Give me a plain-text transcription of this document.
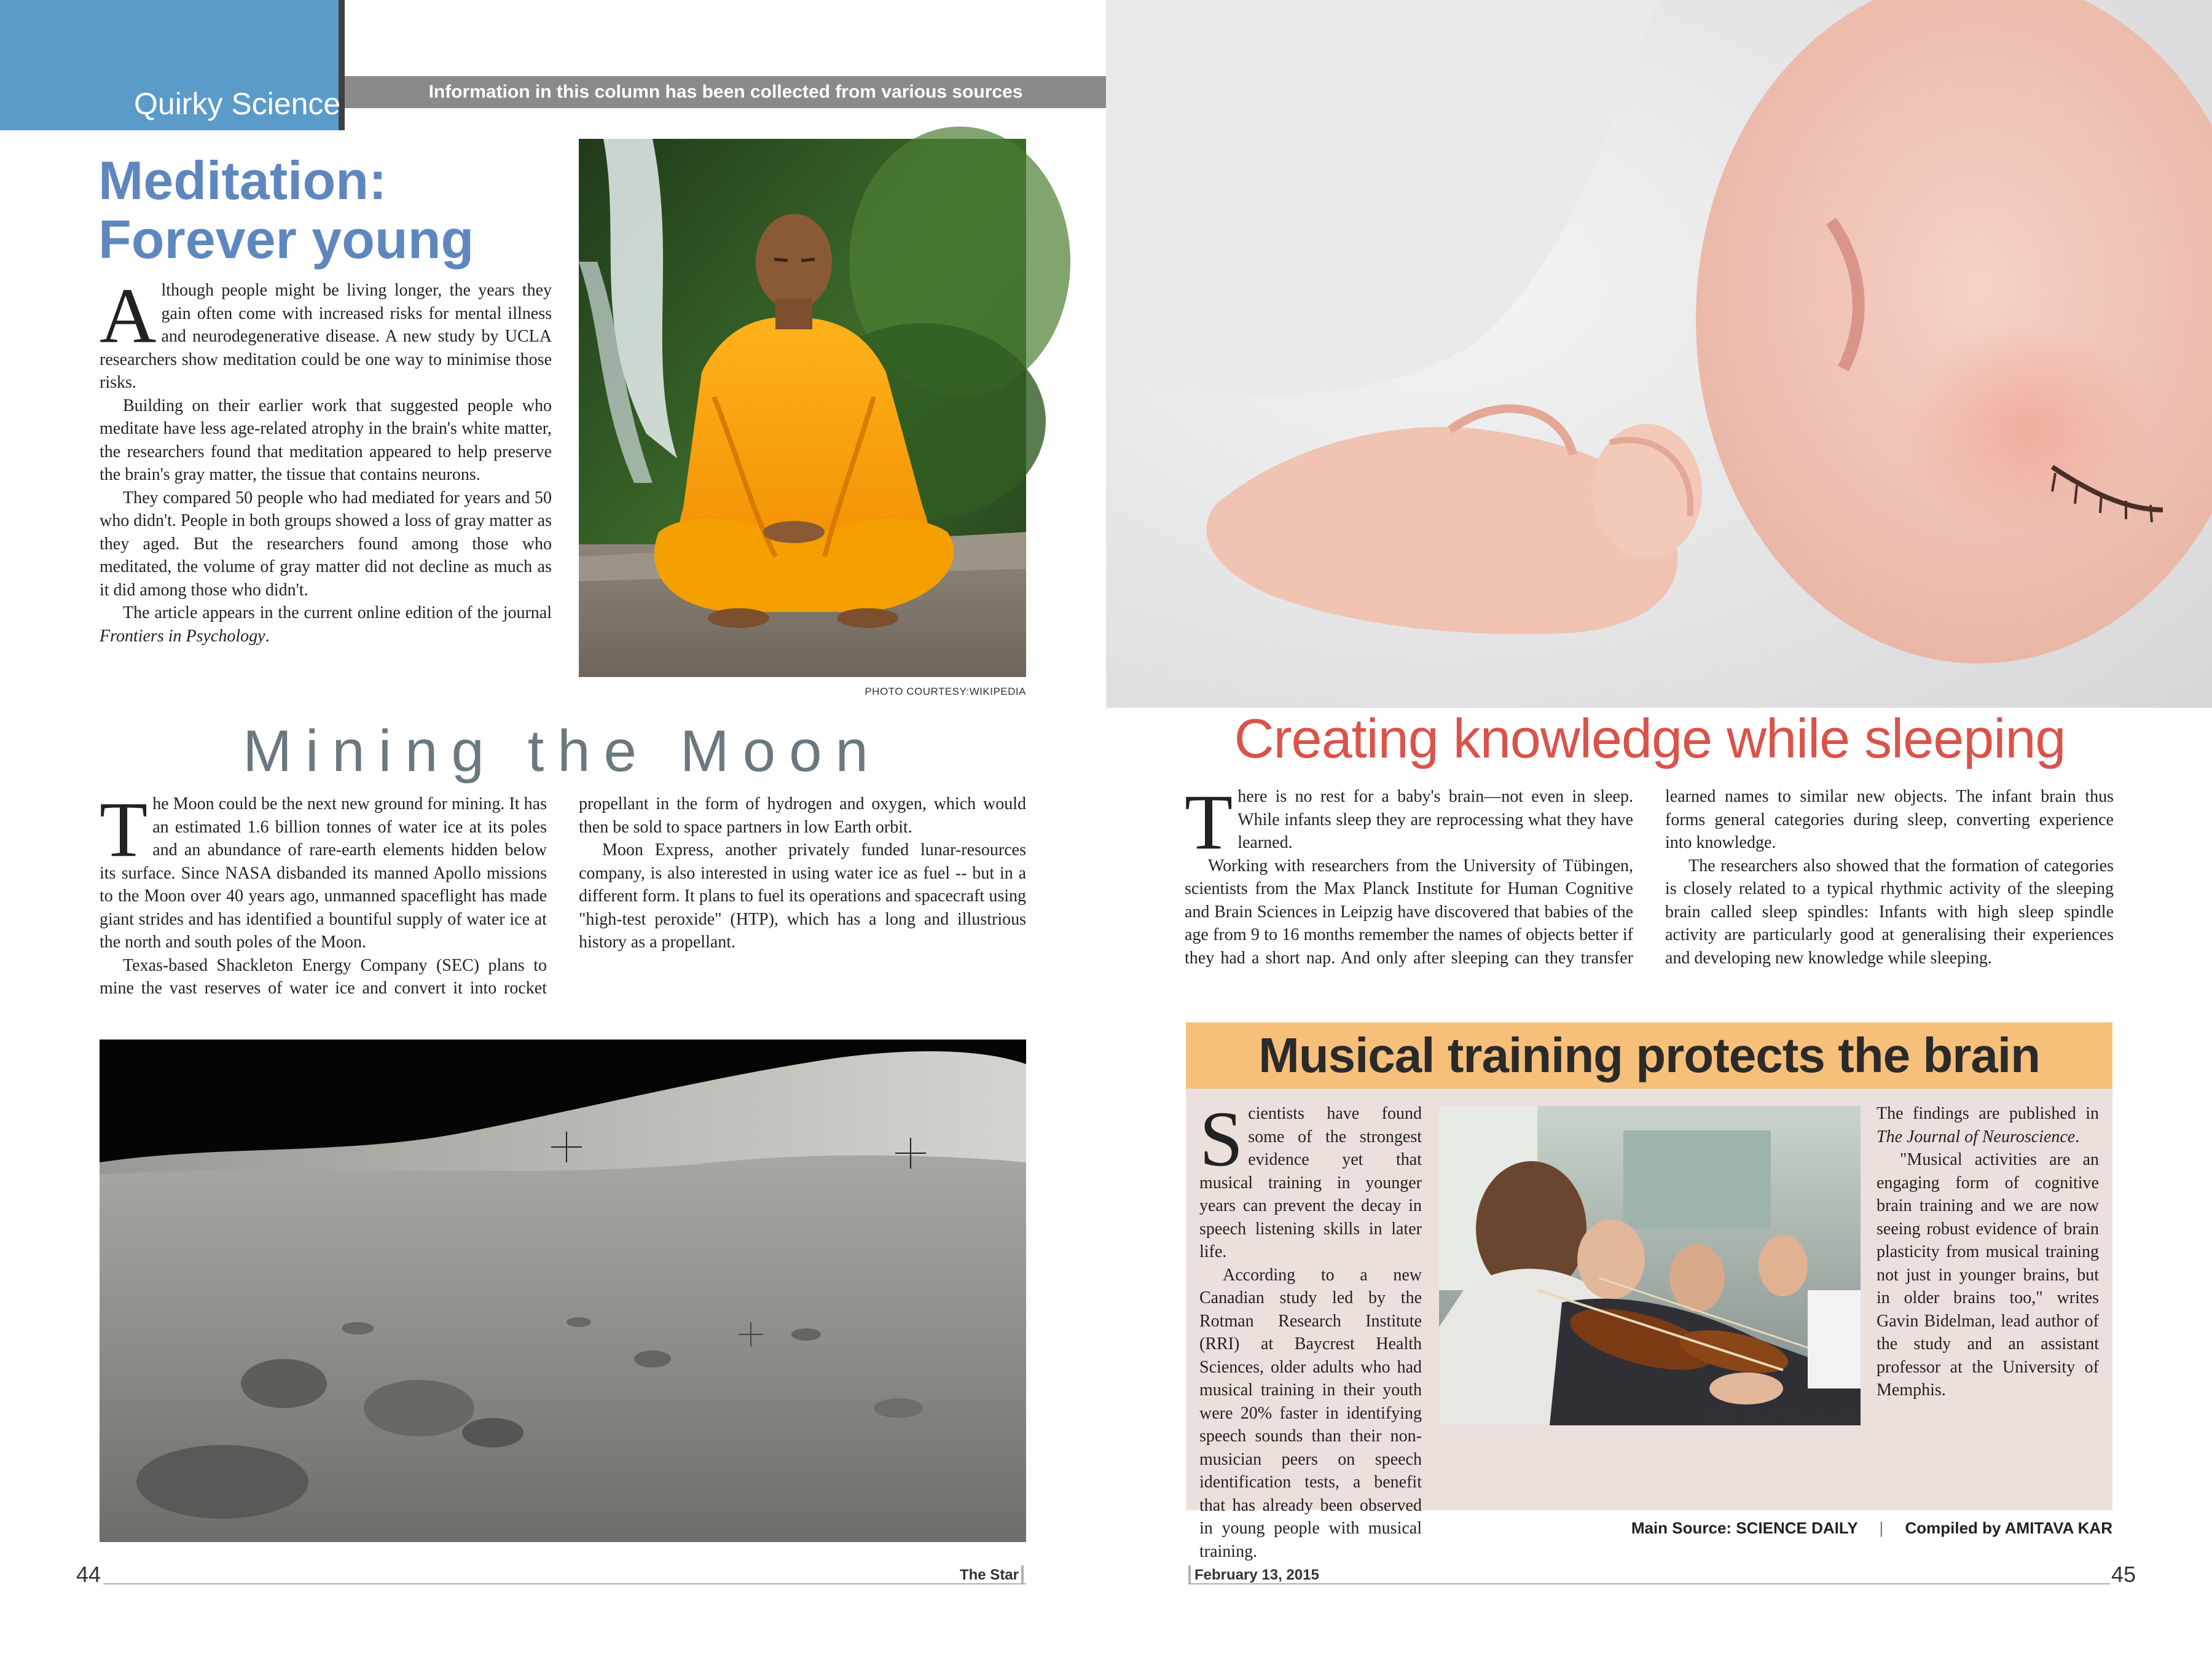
Quirky Science	Information in this column has been collected from various sources
Meditation:
Forever young

Although people might be living longer, the years they gain often come with increased risks for mental illness and neurodegenerative disease. A new study by UCLA researchers show meditation could be one way to minimise those risks.

Building on their earlier work that suggested people who meditate have less age-related atrophy in the brain's white matter, the researchers found that meditation appeared to help preserve the brain's gray matter, the tissue that contains neurons.

They compared 50 people who had mediated for years and 50 who didn't. People in both groups showed a loss of gray matter as they aged. But the researchers found among those who meditated, the volume of gray matter did not decline as much as it did among those who didn't.

The article appears in the current online edition of the journal Frontiers in Psychology.

PHOTO COURTESY:WIKIPEDIA
Mining the Moon

The Moon could be the next new ground for mining. It has an estimated 1.6 billion tonnes of water ice at its poles and an abundance of rare-earth elements hidden below its surface. Since NASA disbanded its manned Apollo missions to the Moon over 40 years ago, unmanned spaceflight has made giant strides and has identified a bountiful supply of water ice at the north and south poles of the Moon.

Texas-based Shackleton Energy Company (SEC) plans to mine the vast reserves of water ice and convert it into rocket propellant in the form of hydrogen and oxygen, which would then be sold to space partners in low Earth orbit.

Moon Express, another privately funded lunar-resources company, is also interested in using water ice as fuel -- but in a different form. It plans to fuel its operations and spacecraft using "high-test peroxide" (HTP), which has a long and illustrious history as a propellant.

Creating knowledge while sleeping

There is no rest for a baby's brain—not even in sleep. While infants sleep they are reprocessing what they have learned.

Working with researchers from the University of Tübingen, scientists from the Max Planck Institute for Human Cognitive and Brain Sciences in Leipzig have discovered that babies of the age from 9 to 16 months remember the names of objects better if they had a short nap. And only after sleeping can they transfer learned names to similar new objects. The infant brain thus forms general categories during sleep, converting experience into knowledge.

The researchers also showed that the formation of categories is closely related to a typical rhythmic activity of the sleeping brain called sleep spindles: Infants with high sleep spindle activity are particularly good at generalising their experiences and developing new knowledge while sleeping.

Musical training protects the brain

Scientists have found some of the strongest evidence yet that musical training in younger years can prevent the decay in speech listening skills in later life.

According to a new Canadian study led by the Rotman Research Institute (RRI) at Baycrest Health Sciences, older adults who had musical training in their youth were 20% faster in identifying speech sounds than their non-musician peers on speech identification tests, a benefit that has already been observed in young people with musical training.

PHOTO COURTESY: GRU.EDU

The findings are published in The Journal of Neuroscience.

"Musical activities are an engaging form of cognitive brain training and we are now seeing robust evidence of brain plasticity from musical training not just in younger brains, but in older brains too," writes Gavin Bidelman, lead author of the study and an assistant professor at the University of Memphis.

Main Source: SCIENCE DAILY | Compiled by AMITAVA KAR
44	The Star	February 13, 2015	45
